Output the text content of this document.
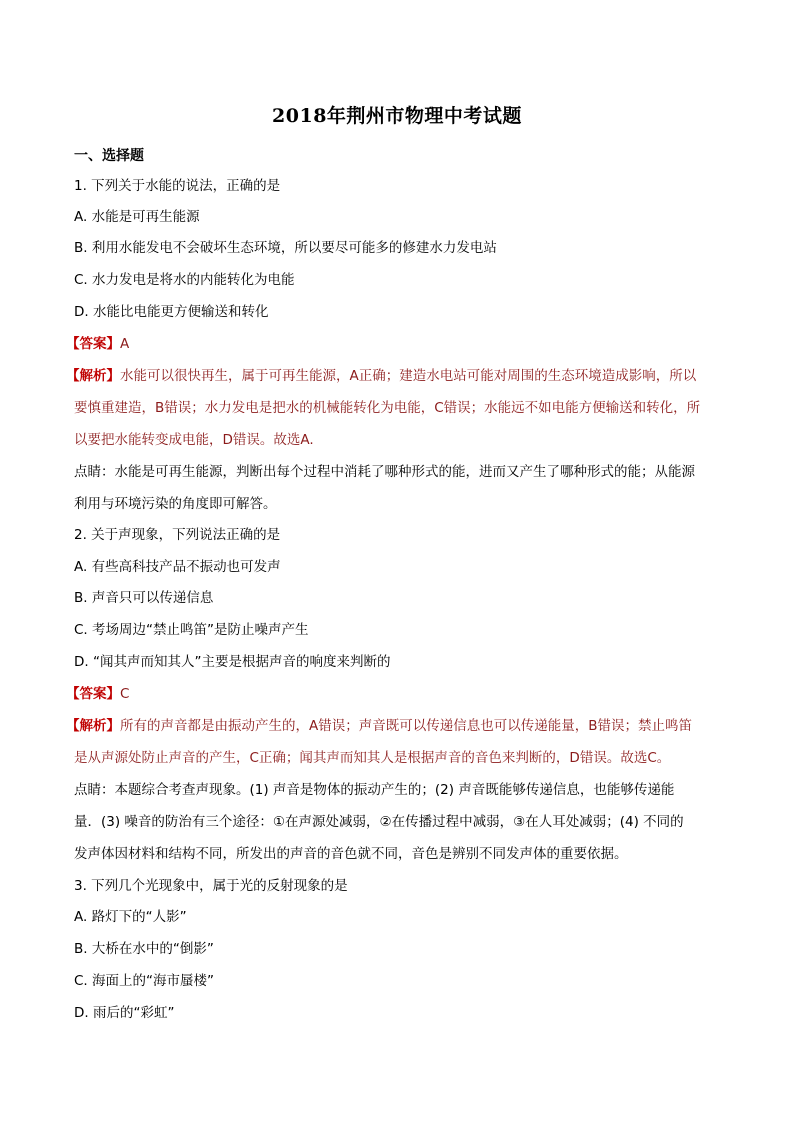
2018年荆州市物理中考试题
一、选择题
1. 下列关于水能的说法，正确的是
A. 水能是可再生能源
B. 利用水能发电不会破坏生态环境，所以要尽可能多的修建水力发电站
C. 水力发电是将水的内能转化为电能
D. 水能比电能更方便输送和转化
【答案】A
【解析】水能可以很快再生，属于可再生能源，A正确；建造水电站可能对周围的生态环境造成影响，所以
要慎重建造，B错误；水力发电是把水的机械能转化为电能，C错误；水能远不如电能方便输送和转化，所
以要把水能转变成电能，D错误。故选A.
点睛：水能是可再生能源，判断出每个过程中消耗了哪种形式的能，进而又产生了哪种形式的能；从能源
利用与环境污染的角度即可解答。
2. 关于声现象，下列说法正确的是
A. 有些高科技产品不振动也可发声
B. 声音只可以传递信息
C. 考场周边“禁止鸣笛”是防止噪声产生
D. “闻其声而知其人”主要是根据声音的响度来判断的
【答案】C
【解析】所有的声音都是由振动产生的，A错误；声音既可以传递信息也可以传递能量，B错误；禁止鸣笛
是从声源处防止声音的产生，C正确；闻其声而知其人是根据声音的音色来判断的，D错误。故选C。
点睛：本题综合考查声现象。(1) 声音是物体的振动产生的；(2) 声音既能够传递信息，也能够传递能
量．(3) 噪音的防治有三个途径：①在声源处减弱，②在传播过程中减弱，③在人耳处减弱；(4) 不同的
发声体因材料和结构不同，所发出的声音的音色就不同，音色是辨别不同发声体的重要依据。
3. 下列几个光现象中，属于光的反射现象的是
A. 路灯下的“人影”
B. 大桥在水中的“倒影”
C. 海面上的“海市蜃楼”
D. 雨后的“彩虹”
